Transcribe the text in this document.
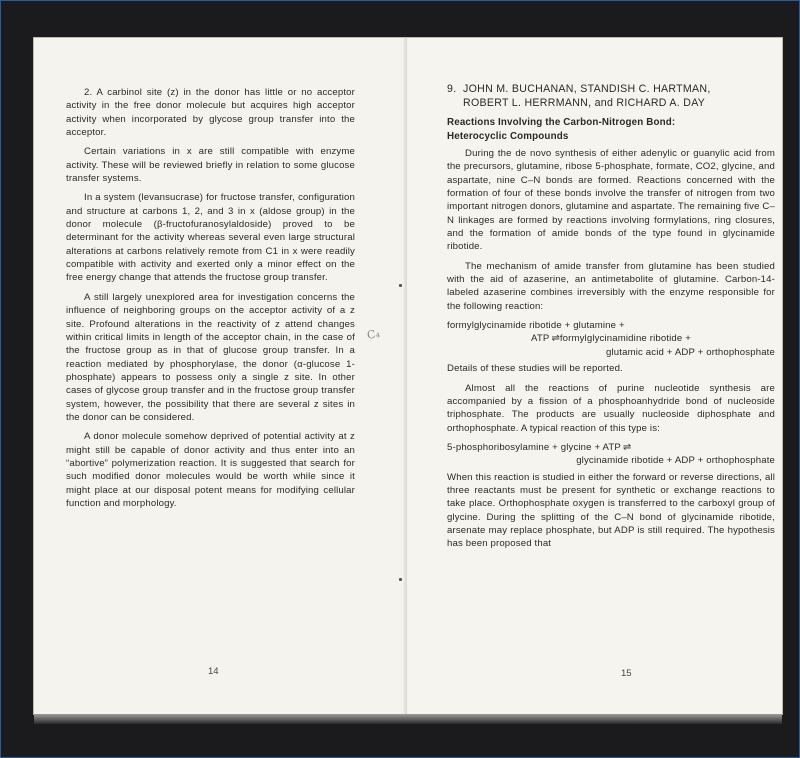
2. A carbinol site (z) in the donor has little or no acceptor activity in the free donor molecule but acquires high acceptor activity when incorporated by glycose group transfer into the acceptor.

Certain variations in x are still compatible with enzyme activity. These will be reviewed briefly in relation to some glucose transfer systems.

In a system (levansucrase) for fructose transfer, configuration and structure at carbons 1, 2, and 3 in x (aldose group) in the donor molecule (β-fructofuranosylaldoside) proved to be determinant for the activity whereas several even large structural alterations at carbons relatively remote from C1 in x were readily compatible with activity and exerted only a minor effect on the free energy change that attends the fructose group transfer.

A still largely unexplored area for investigation concerns the influence of neighboring groups on the acceptor activity of a z site. Profound alterations in the reactivity of z attend changes within critical limits in length of the acceptor chain, in the case of the fructose group as in that of glucose group transfer. In a reaction mediated by phosphorylase, the donor (α-glucose 1-phosphate) appears to possess only a single z site. In other cases of glycose group transfer and in the fructose group transfer system, however, the possibility that there are several z sites in the donor can be considered.

A donor molecule somehow deprived of potential activity at z might still be capable of donor activity and thus enter into an “abortive” polymerization reaction. It is suggested that search for such modified donor molecules would be worth while since it might place at our disposal potent means for modifying cellular function and morphology.

C₄
14
9. JOHN M. BUCHANAN, STANDISH C. HARTMAN,
ROBERT L. HERRMANN, and RICHARD A. DAY
Reactions Involving the Carbon-Nitrogen Bond:
Heterocyclic Compounds

During the de novo synthesis of either adenylic or guanylic acid from the precursors, glutamine, ribose 5-phosphate, formate, CO2, glycine, and aspartate, nine C–N bonds are formed. Reactions concerned with the formation of four of these bonds involve the transfer of nitrogen from two important nitrogen donors, glutamine and aspartate. The remaining five C–N linkages are formed by reactions involving formylations, ring closures, and the formation of amide bonds of the type found in glycinamide ribotide.

The mechanism of amide transfer from glutamine has been studied with the aid of azaserine, an antimetabolite of glutamine. Carbon-14-labeled azaserine combines irreversibly with the enzyme responsible for the following reaction:

formylglycinamide ribotide + glutamine +
ATP ⇌ formylglycinamidine ribotide +
glutamic acid + ADP + orthophosphate

Details of these studies will be reported.

Almost all the reactions of purine nucleotide synthesis are accompanied by a fission of a phosphoanhydride bond of nucleoside triphosphate. The products are usually nucleoside diphosphate and orthophosphate. A typical reaction of this type is:

5-phosphoribosylamine + glycine + ATP ⇌
glycinamide ribotide + ADP + orthophosphate

When this reaction is studied in either the forward or reverse directions, all three reactants must be present for synthetic or exchange reactions to take place. Orthophosphate oxygen is transferred to the carboxyl group of glycine. During the splitting of the C–N bond of glycinamide ribotide, arsenate may replace phosphate, but ADP is still required. The hypothesis has been proposed that

15
